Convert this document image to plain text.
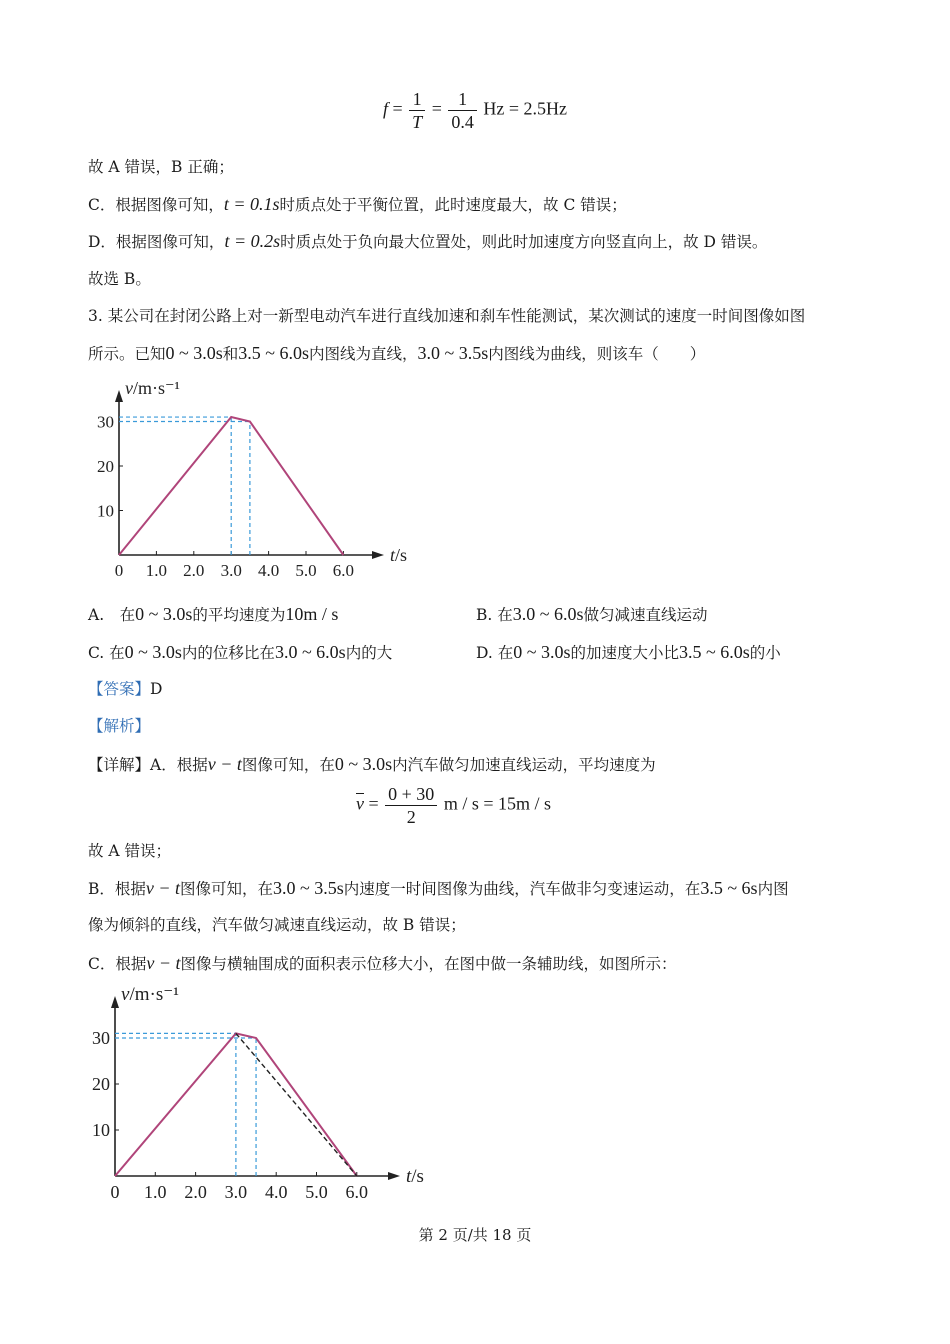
$f = \frac{1}{T} = \frac{1}{0.4}$ Hz = 2.5Hz
故 A 错误，B 正确；
C．根据图像可知，t = 0.1s时质点处于平衡位置，此时速度最大，故 C 错误；
D．根据图像可知，t = 0.2s时质点处于负向最大位置处，则此时加速度方向竖直向上，故 D 错误。
故选 B。
3. 某公司在封闭公路上对一新型电动汽车进行直线加速和刹车性能测试，某次测试的速度一时间图像如图
所示。已知0 ~ 3.0s和3.5 ~ 6.0s内图线为直线，3.0 ~ 3.5s内图线为曲线，则该车（　　）
10
20
30
0 1.0 2.0 3.0 4.0 5.0 6.0
t/s
v/m·s⁻¹
A.　在0 ~ 3.0s的平均速度为10m / s	B. 在3.0 ~ 6.0s做匀减速直线运动
C. 在0 ~ 3.0s内的位移比在3.0 ~ 6.0s内的大	D. 在0 ~ 3.0s的加速度大小比3.5 ~ 6.0s的小
【答案】D
【解析】
【详解】A．根据v − t图像可知，在0 ~ 3.0s内汽车做匀加速直线运动，平均速度为
$\overline{v} = \frac{0 + 30}{2}$ m / s = 15m / s
故 A 错误；
B．根据v − t图像可知，在3.0 ~ 3.5s内速度一时间图像为曲线，汽车做非匀变速运动，在3.5 ~ 6s内图
像为倾斜的直线，汽车做匀减速直线运动，故 B 错误；
C．根据v − t图像与横轴围成的面积表示位移大小，在图中做一条辅助线，如图所示：
10
20
30
0 1.0 2.0 3.0 4.0 5.0 6.0
t/s
v/m·s⁻¹
第 2 页/共 18 页
